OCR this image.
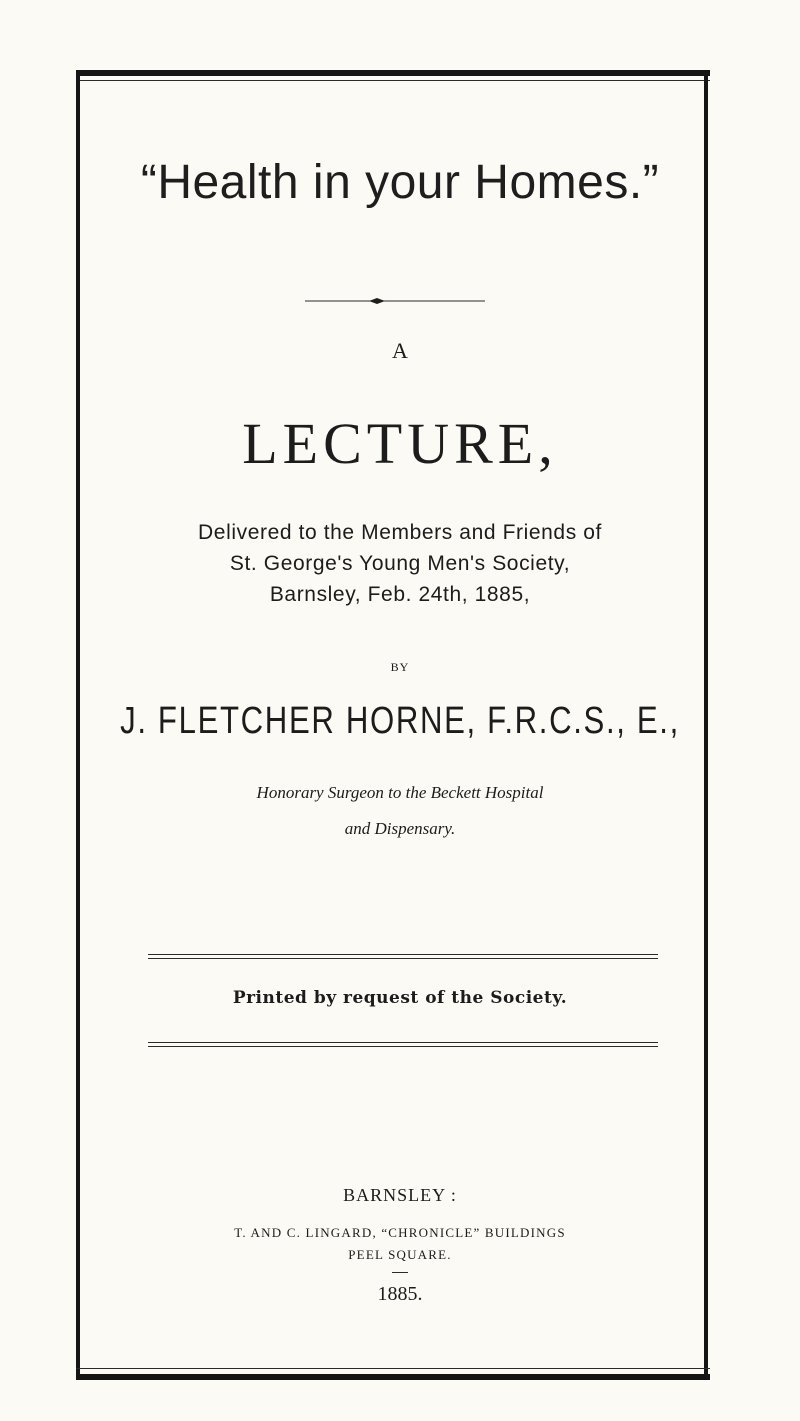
“Health in your Homes.”
A
LECTURE,
Delivered to the Members and Friends of
St. George's Young Men's Society,
Barnsley, Feb. 24th, 1885,
BY
J. FLETCHER HORNE, F.R.C.S., E.,
Honorary Surgeon to the Beckett Hospital
and Dispensary.
Printed by request of the Society.
BARNSLEY :
T. AND C. LINGARD, “CHRONICLE” BUILDINGS
PEEL SQUARE.
1885.
